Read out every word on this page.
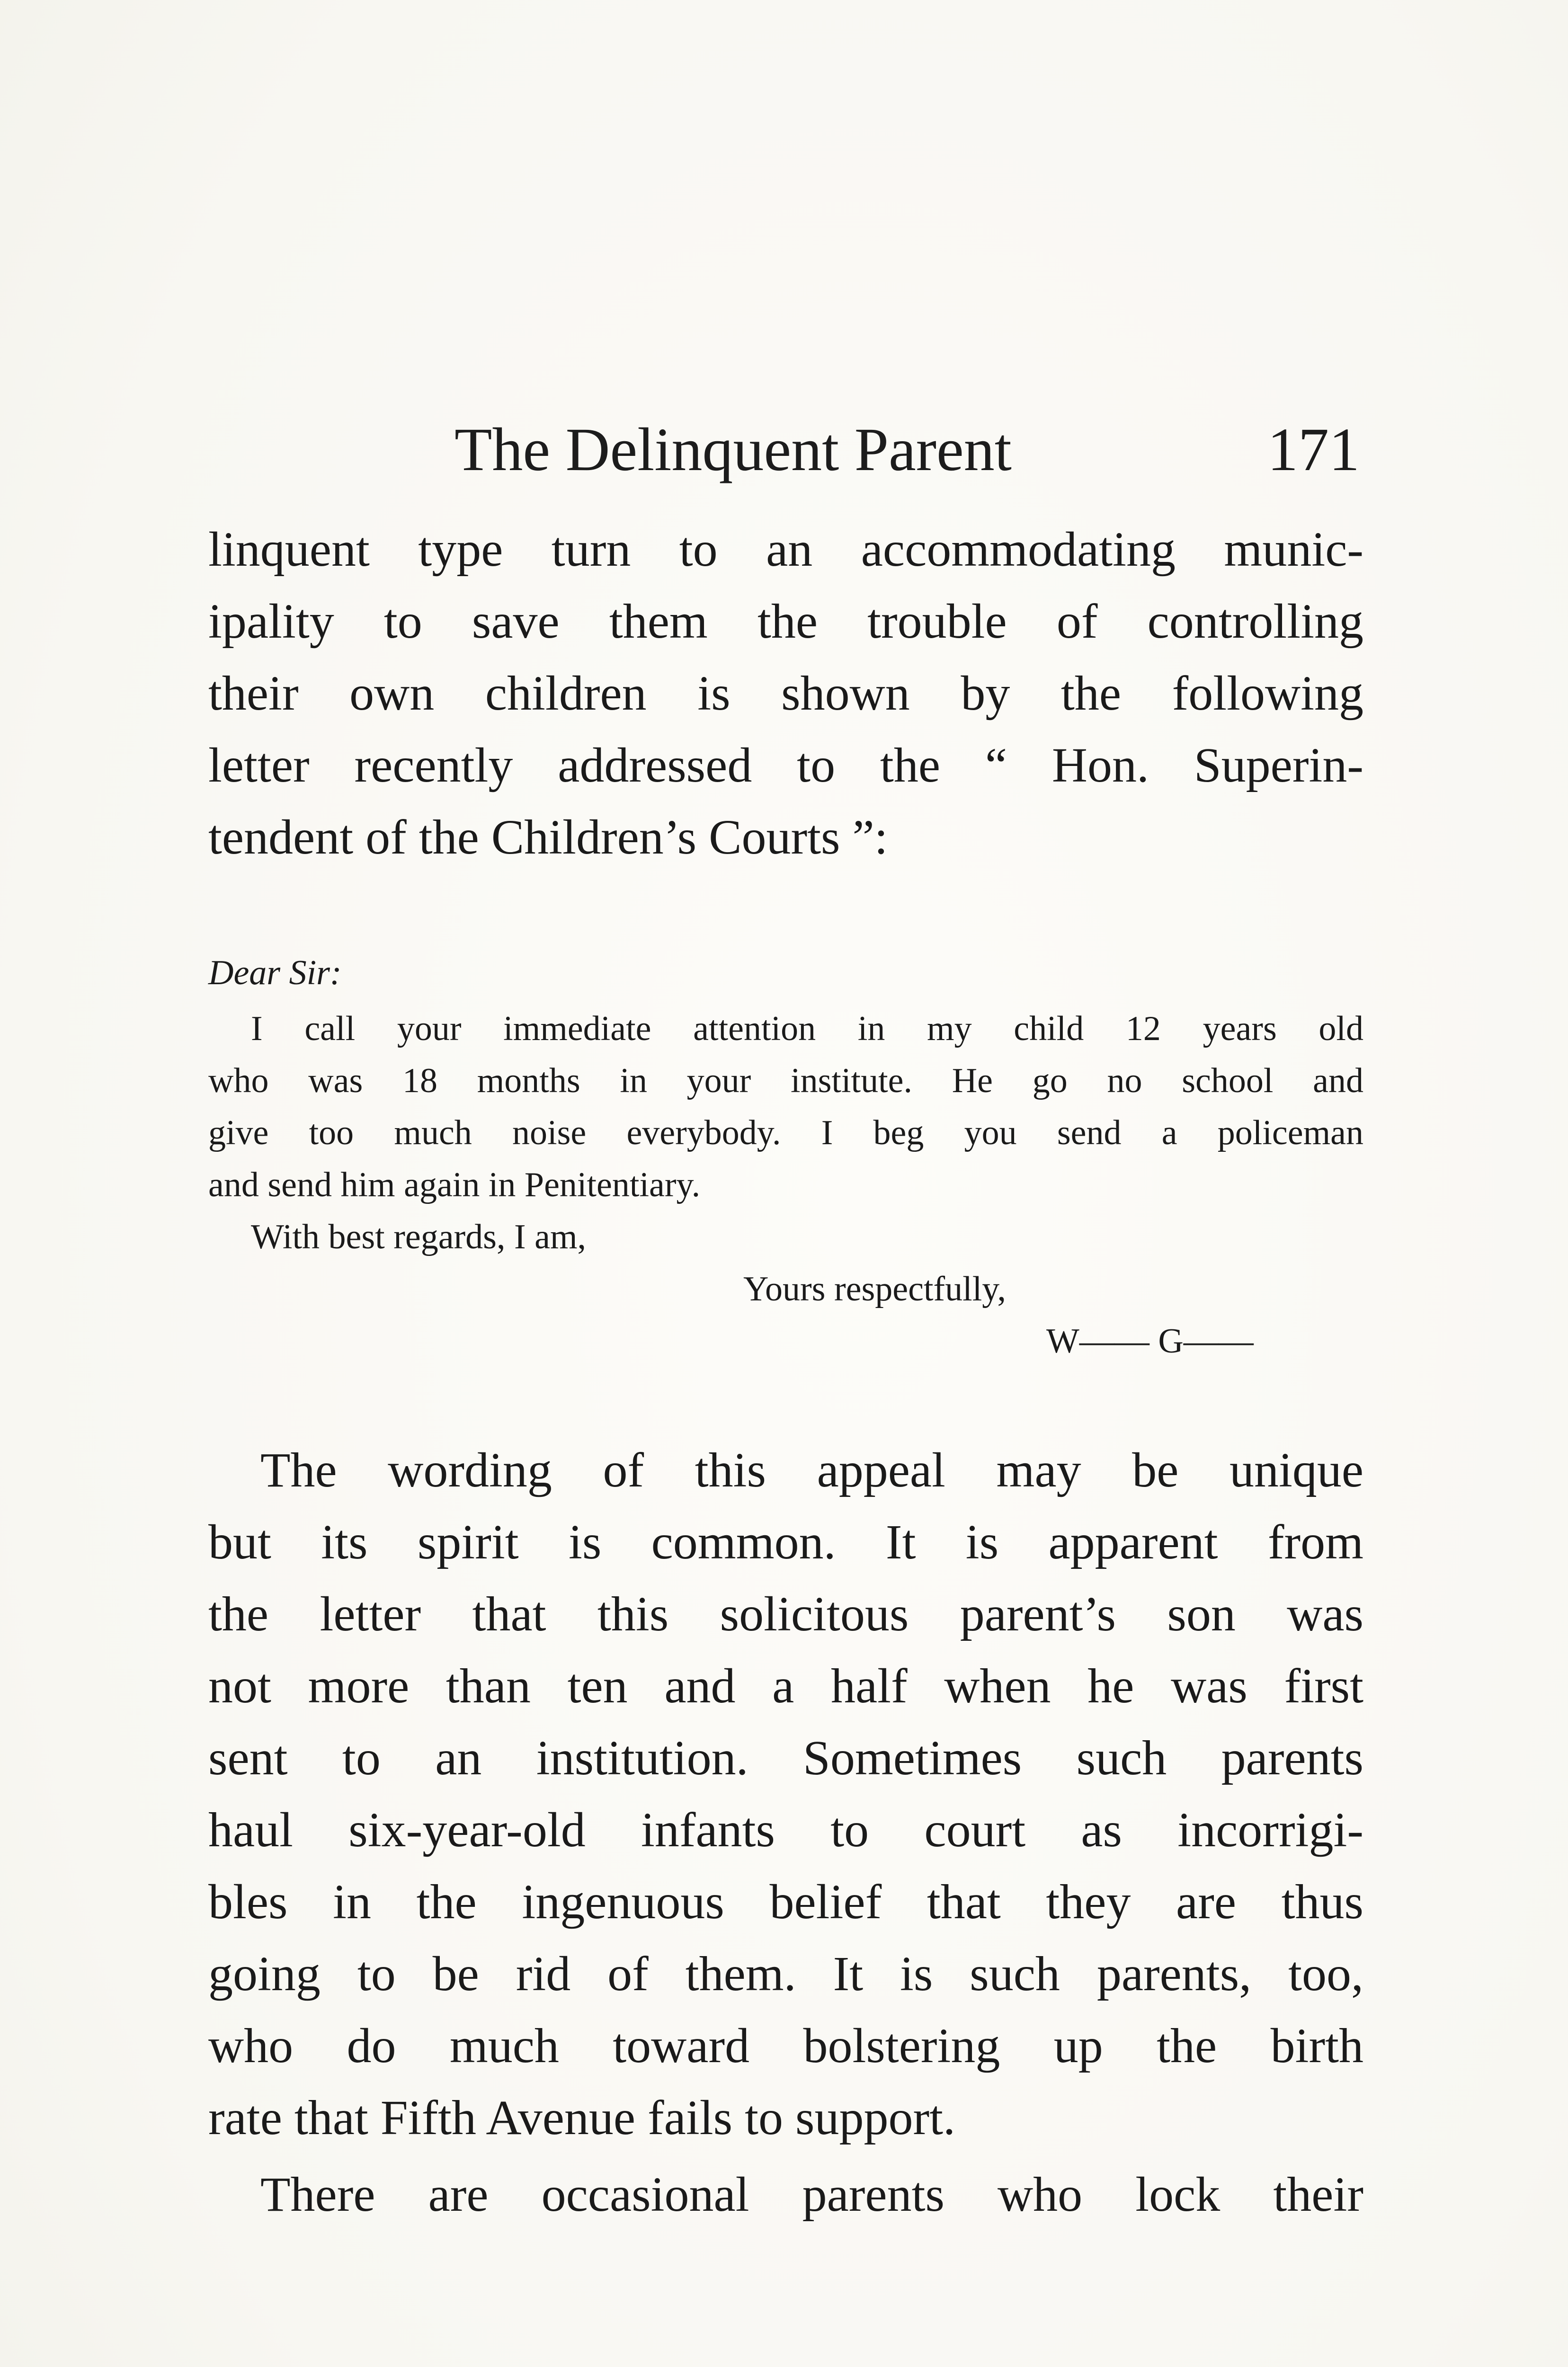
The Delinquent Parent	171
linquent type turn to an accommodating munic-
ipality to save them the trouble of controlling
their own children is shown by the following
letter recently addressed to the “ Hon. Superin-
tendent of the Children’s Courts ”:
Dear Sir:
I call your immediate attention in my child 12 years old
who was 18 months in your institute. He go no school and
give too much noise everybody. I beg you send a policeman
and send him again in Penitentiary.
With best regards, I am,
Yours respectfully,
W—— G——
The wording of this appeal may be unique
but its spirit is common. It is apparent from
the letter that this solicitous parent’s son was
not more than ten and a half when he was first
sent to an institution. Sometimes such parents
haul six-year-old infants to court as incorrigi-
bles in the ingenuous belief that they are thus
going to be rid of them. It is such parents, too,
who do much toward bolstering up the birth
rate that Fifth Avenue fails to support.
There are occasional parents who lock their
